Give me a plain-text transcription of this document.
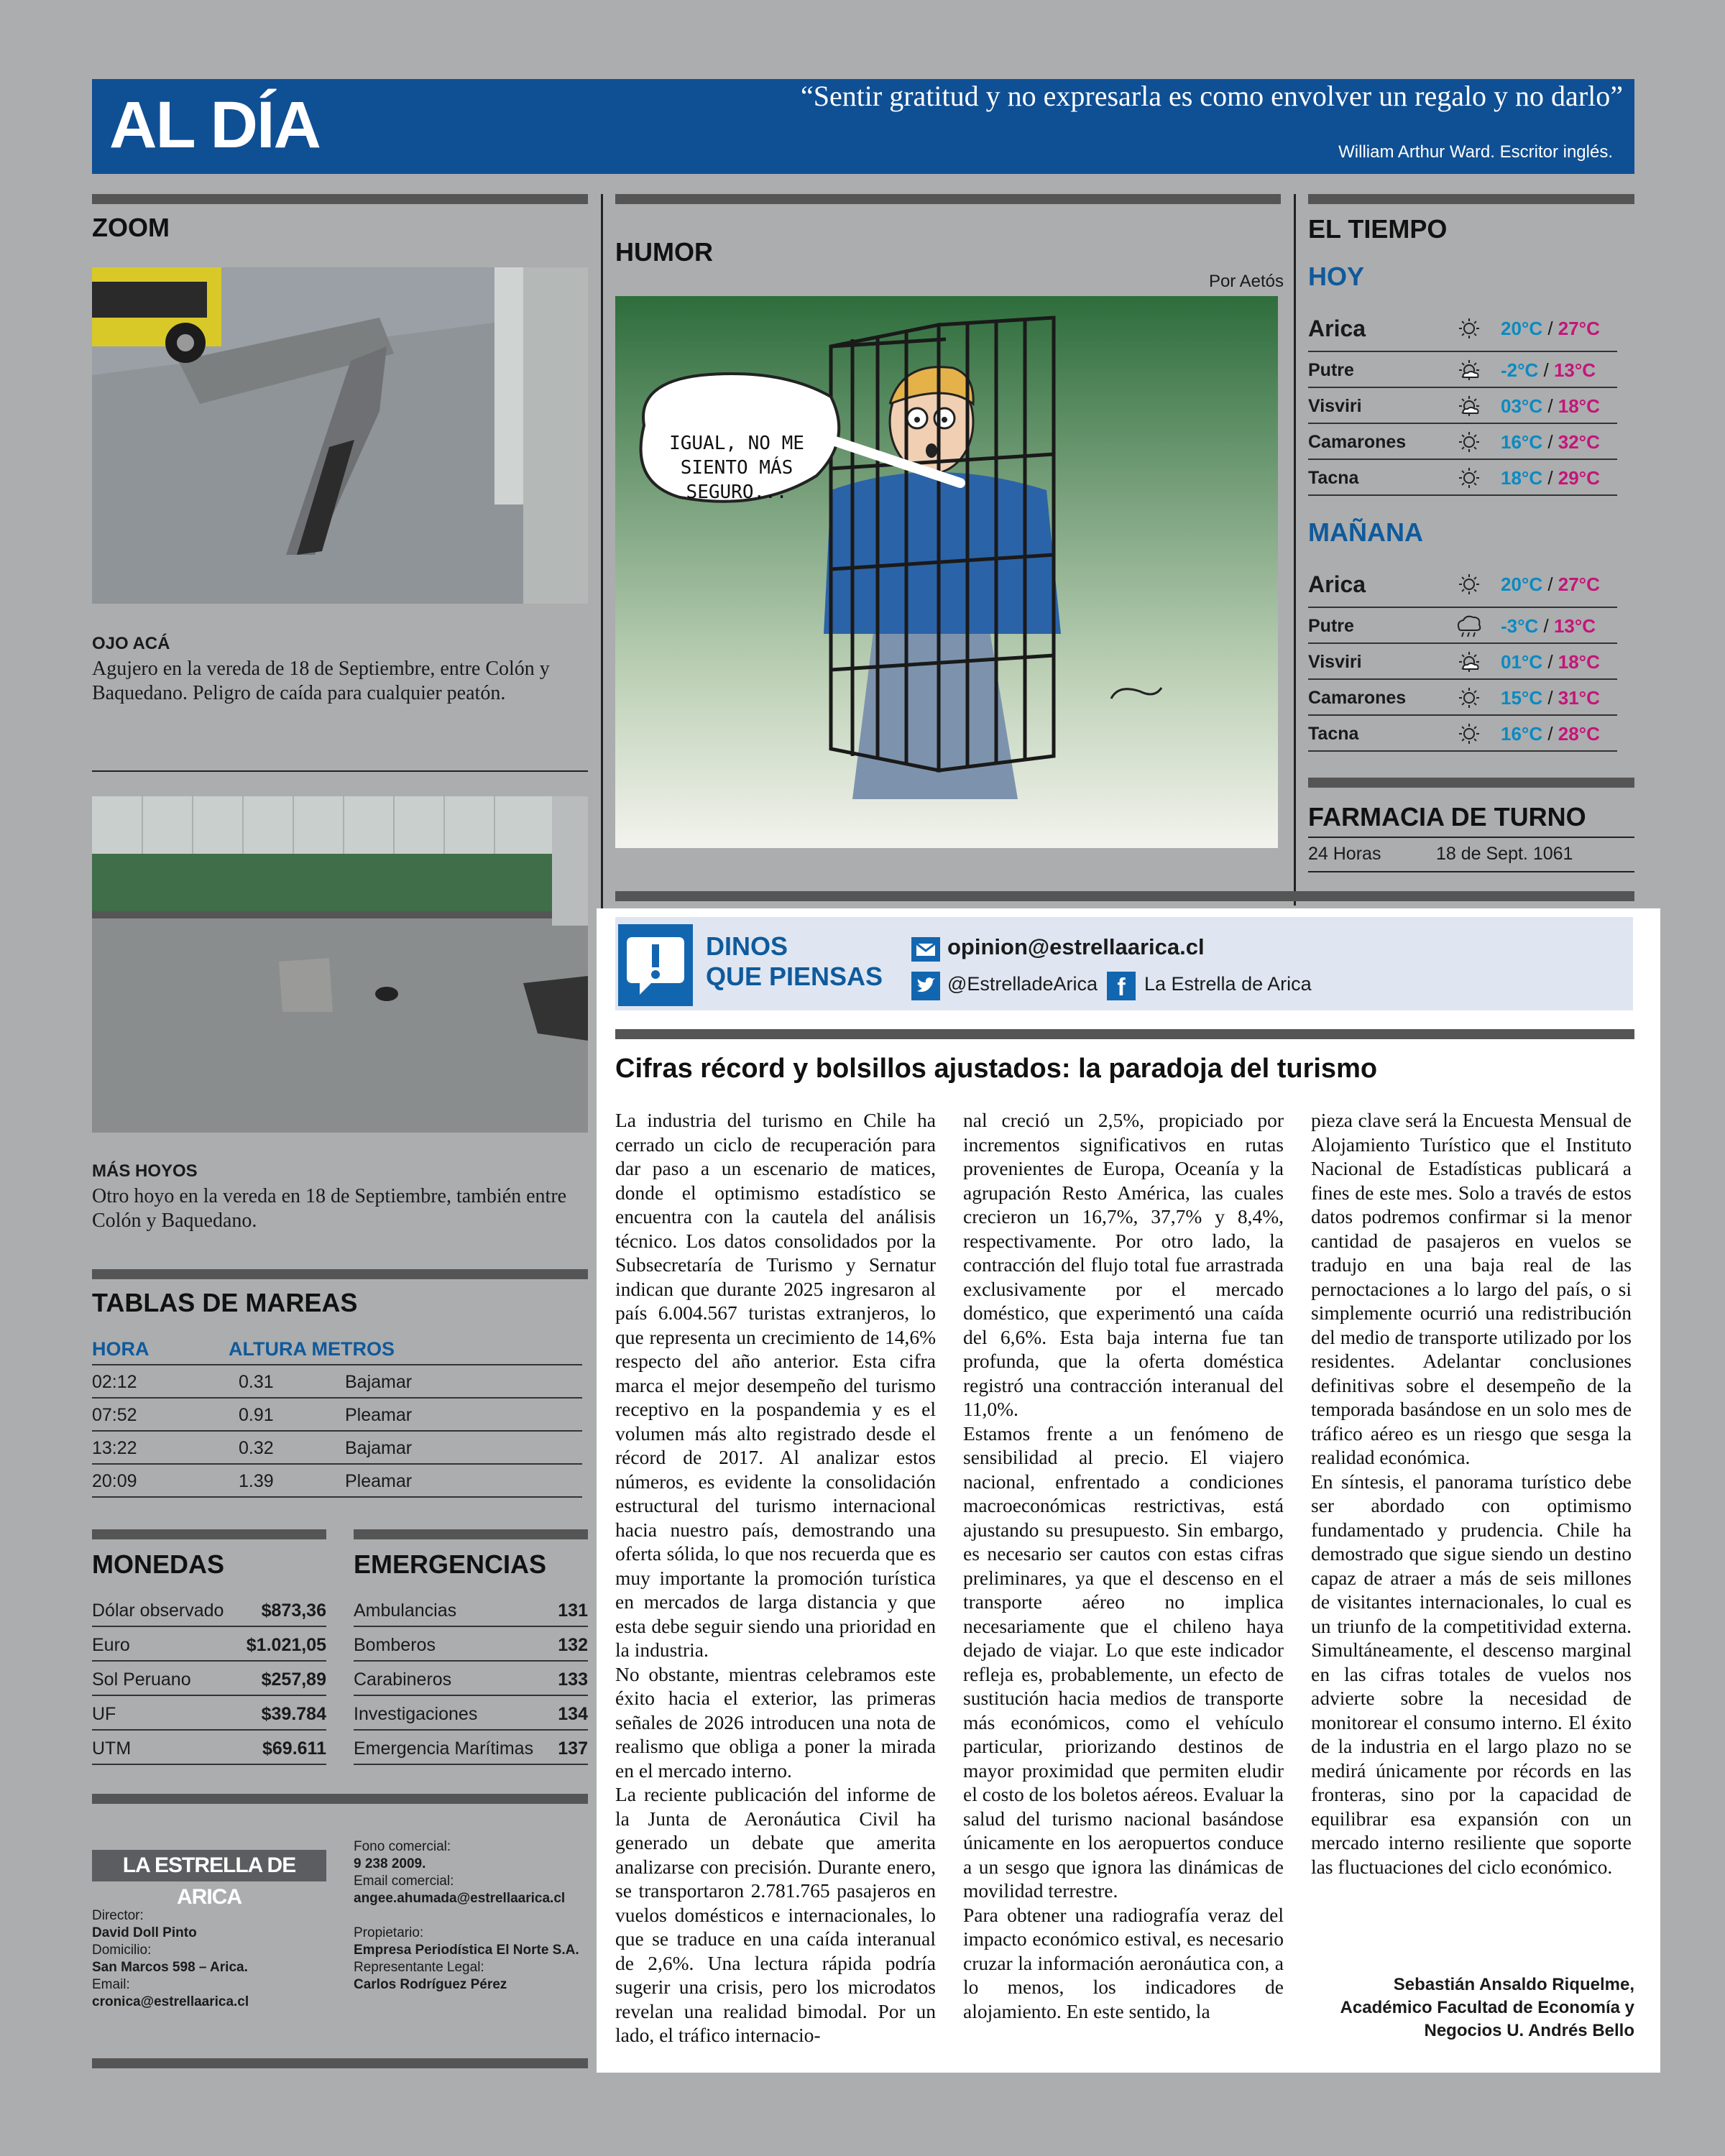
AL DÍA	“Sentir gratitud y no expresarla es como envolver un regalo y no darlo”
William Arthur Ward. Escritor inglés.
ZOOM
OJO ACÁ
Agujero en la vereda de 18 de Septiembre, entre Colón y Baquedano. Peligro de caída para cualquier peatón.
MÁS HOYOS
Otro hoyo en la vereda en 18 de Septiembre, también entre Colón y Baquedano.
TABLAS DE MAREAS
HORA	ALTURA METROS
02:12	0.31	Bajamar
07:52	0.91	Pleamar
13:22	0.32	Bajamar
20:09	1.39	Pleamar
MONEDAS	EMERGENCIAS
Dólar observado $873,36
Euro	$1.021,05
Sol Peruano	$257,89
UF	$39.784
UTM	$69.611
Ambulancias	131
Bomberos	132
Carabineros	133
Investigaciones	134
Emergencia Marítimas 137
LA ESTRELLA DE ARICA
Director:
David Doll Pinto
Domicilio:
San Marcos 598 – Arica.
Email:
cronica@estrellaarica.cl
Fono comercial:
9 238 2009.
Email comercial:
angee.ahumada@estrellaarica.cl
Propietario:
Empresa Periodística El Norte S.A.
Representante Legal:
Carlos Rodríguez Pérez
HUMOR
Por Aetós
IGUAL, NO ME SIENTO MÁS SEGURO...
EL TIEMPO
HOY
Arica	20°C / 27°C
Putre	-2°C / 13°C
Visviri	03°C / 18°C
Camarones	16°C / 32°C
Tacna	18°C / 29°C
MAÑANA
Arica	20°C / 27°C
Putre	-3°C / 13°C
Visviri	01°C / 18°C
Camarones	15°C / 31°C
Tacna	16°C / 28°C
FARMACIA DE TURNO
24 Horas	18 de Sept. 1061
DINOS
QUE PIENSAS
opinion@estrellaarica.cl
@EstrelladeArica f La Estrella de Arica
Cifras récord y bolsillos ajustados: la paradoja del turismo

La industria del turismo en Chile ha cerrado un ciclo de recuperación para dar paso a un escenario de matices, donde el optimismo estadístico se encuentra con la cautela del análisis técnico. Los datos consolidados por la Subsecretaría de Turismo y Sernatur indican que durante 2025 ingresaron al país 6.004.567 turistas extranjeros, lo que representa un crecimiento de 14,6% respecto del año anterior. Esta cifra marca el mejor desempeño del turismo receptivo en la pospandemia y es el volumen más alto registrado desde el récord de 2017. Al analizar estos números, es evidente la consolidación estructural del turismo internacional hacia nuestro país, demostrando una oferta sólida, lo que nos recuerda que es muy importante la promoción turística en mercados de larga distancia y que esta debe seguir siendo una prioridad en la industria.

No obstante, mientras celebramos este éxito hacia el exterior, las primeras señales de 2026 introducen una nota de realismo que obliga a poner la mirada en el mercado interno.

La reciente publicación del informe de la Junta de Aeronáutica Civil ha generado un debate que amerita analizarse con precisión. Durante enero, se transportaron 2.781.765 pasajeros en vuelos domésticos e internacionales, lo que se traduce en una caída interanual de 2,6%. Una lectura rápida podría sugerir una crisis, pero los microdatos revelan una realidad bimodal. Por un lado, el tráfico internacio-

nal creció un 2,5%, propiciado por incrementos significativos en rutas provenientes de Europa, Oceanía y la agrupación Resto América, las cuales crecieron un 16,7%, 37,7% y 8,4%, respectivamente. Por otro lado, la contracción del flujo total fue arrastrada exclusivamente por el mercado doméstico, que experimentó una caída del 6,6%. Esta baja interna fue tan profunda, que la oferta doméstica registró una contracción interanual del 11,0%.

Estamos frente a un fenómeno de sensibilidad al precio. El viajero nacional, enfrentado a condiciones macroeconómicas restrictivas, está ajustando su presupuesto. Sin embargo, es necesario ser cautos con estas cifras preliminares, ya que el descenso en el transporte aéreo no implica necesariamente que el chileno haya dejado de viajar. Lo que este indicador refleja es, probablemente, un efecto de sustitución hacia medios de transporte más económicos, como el vehículo particular, priorizando destinos de mayor proximidad que permiten eludir el costo de los boletos aéreos. Evaluar la salud del turismo nacional basándose únicamente en los aeropuertos conduce a un sesgo que ignora las dinámicas de movilidad terrestre.

Para obtener una radiografía veraz del impacto económico estival, es necesario cruzar la información aeronáutica con, a lo menos, los indicadores de alojamiento. En este sentido, la

pieza clave será la Encuesta Mensual de Alojamiento Turístico que el Instituto Nacional de Estadísticas publicará a fines de este mes. Solo a través de estos datos podremos confirmar si la menor cantidad de pasajeros en vuelos se tradujo en una baja real de las pernoctaciones a lo largo del país, o si simplemente ocurrió una redistribución del medio de transporte utilizado por los residentes. Adelantar conclusiones definitivas sobre el desempeño de la temporada basándose en un solo mes de tráfico aéreo es un riesgo que sesga la realidad económica.

En síntesis, el panorama turístico debe ser abordado con optimismo fundamentado y prudencia. Chile ha demostrado que sigue siendo un destino capaz de atraer a más de seis millones de visitantes internacionales, lo cual es un triunfo de la competitividad externa. Simultáneamente, el descenso marginal en las cifras totales de vuelos nos advierte sobre la necesidad de monitorear el consumo interno. El éxito de la industria en el largo plazo no se medirá únicamente por récords en las fronteras, sino por la capacidad de equilibrar esa expansión con un mercado interno resiliente que soporte las fluctuaciones del ciclo económico.

Sebastián Ansaldo Riquelme,
Académico Facultad de Economía y
Negocios U. Andrés Bello
